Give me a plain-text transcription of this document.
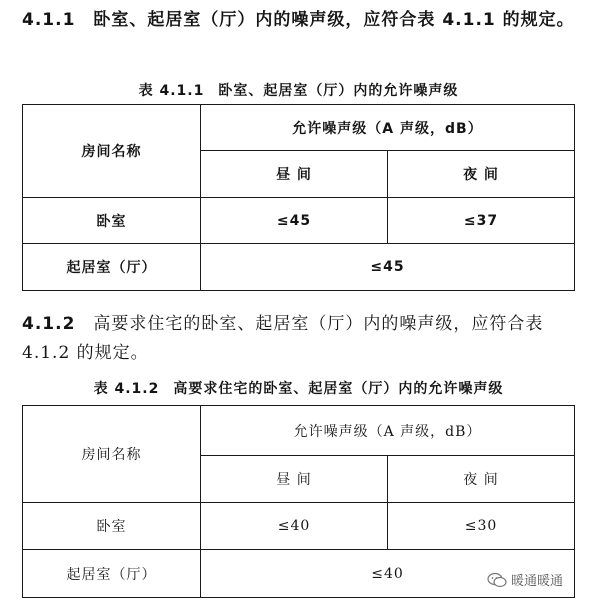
4.1.1 卧室、起居室（厅）内的噪声级，应符合表 4.1.1 的规定。
表 4.1.1 卧室、起居室（厅）内的允许噪声级
房间名称	允许噪声级（A 声级，dB）	
	昼 间	夜 间
卧室	≤45	≤37
起居室（厅）	≤45	
4.1.2 高要求住宅的卧室、起居室（厅）内的噪声级，应符合表 4.1.2 的规定。
表 4.1.2 高要求住宅的卧室、起居室（厅）内的允许噪声级
房间名称	允许噪声级（A 声级，dB）	
	昼 间	夜 间
卧室	≤40	≤30
起居室（厅）	≤40		暖通暖通
